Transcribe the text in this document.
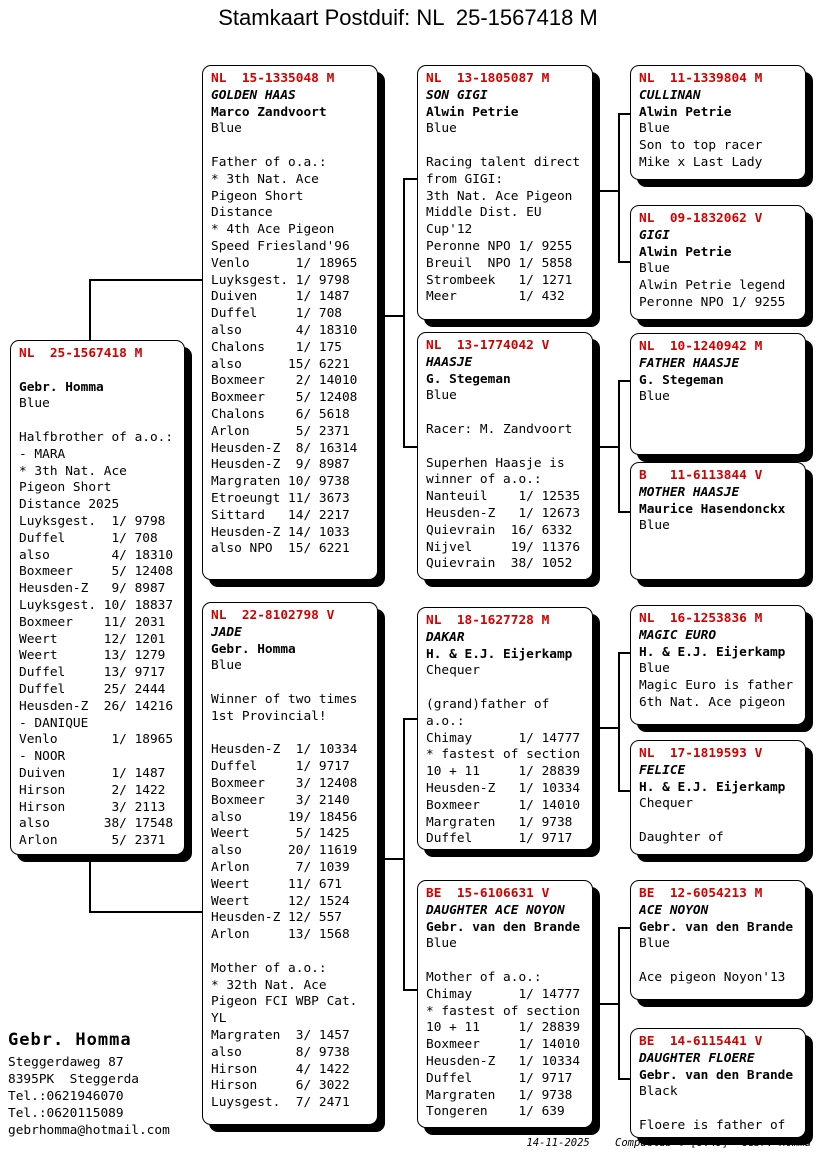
Stamkaart Postduif: NL  25-1567418 M
NL  25-1567418 M
Gebr. Homma
Blue
Halfbrother of a.o.:
- MARA
* 3th Nat. Ace
Pigeon Short
Distance 2025
Luyksgest.  1/ 9798
Duffel      1/ 708
also        4/ 18310
Boxmeer     5/ 12408
Heusden-Z   9/ 8987
Luyksgest. 10/ 18837
Boxmeer    11/ 2031
Weert      12/ 1201
Weert      13/ 1279
Duffel     13/ 9717
Duffel     25/ 2444
Heusden-Z  26/ 14216
- DANIQUE
Venlo       1/ 18965
- NOOR
Duiven      1/ 1487
Hirson      2/ 1422
Hirson      3/ 2113
also       38/ 17548
Arlon       5/ 2371
NL  15-1335048 M
GOLDEN HAAS
Marco Zandvoort
Blue
Father of o.a.:
* 3th Nat. Ace
Pigeon Short
Distance
* 4th Ace Pigeon
Speed Friesland'96
Venlo      1/ 18965
Luyksgest. 1/ 9798
Duiven     1/ 1487
Duffel     1/ 708
also       4/ 18310
Chalons    1/ 175
also      15/ 6221
Boxmeer    2/ 14010
Boxmeer    5/ 12408
Chalons    6/ 5618
Arlon      5/ 2371
Heusden-Z  8/ 16314
Heusden-Z  9/ 8987
Margraten 10/ 9738
Etroeungt 11/ 3673
Sittard   14/ 2217
Heusden-Z 14/ 1033
also NPO  15/ 6221
NL  22-8102798 V
JADE
Gebr. Homma
Blue
Winner of two times
1st Provincial!
Heusden-Z  1/ 10334
Duffel     1/ 9717
Boxmeer    3/ 12408
Boxmeer    3/ 2140
also      19/ 18456
Weert      5/ 1425
also      20/ 11619
Arlon      7/ 1039
Weert     11/ 671
Weert     12/ 1524
Heusden-Z 12/ 557
Arlon     13/ 1568
Mother of a.o.:
* 32th Nat. Ace
Pigeon FCI WBP Cat.
YL
Margraten  3/ 1457
also       8/ 9738
Hirson     4/ 1422
Hirson     6/ 3022
Luysgest.  7/ 2471
NL  13-1805087 M
SON GIGI
Alwin Petrie
Blue
Racing talent direct
from GIGI:
3th Nat. Ace Pigeon
Middle Dist. EU
Cup'12
Peronne NPO 1/ 9255
Breuil  NPO 1/ 5858
Strombeek   1/ 1271
Meer        1/ 432
NL  13-1774042 V
HAASJE
G. Stegeman
Blue
Racer: M. Zandvoort
Superhen Haasje is
winner of a.o.:
Nanteuil    1/ 12535
Heusden-Z   1/ 12673
Quievrain  16/ 6332
Nijvel     19/ 11376
Quievrain  38/ 1052
NL  18-1627728 M
DAKAR
H. & E.J. Eijerkamp
Chequer
(grand)father of
a.o.:
Chimay      1/ 14777
* fastest of section
10 + 11     1/ 28839
Heusden-Z   1/ 10334
Boxmeer     1/ 14010
Margraten   1/ 9738
Duffel      1/ 9717
BE  15-6106631 V
DAUGHTER ACE NOYON
Gebr. van den Brande
Blue
Mother of a.o.:
Chimay      1/ 14777
* fastest of section
10 + 11     1/ 28839
Boxmeer     1/ 14010
Heusden-Z   1/ 10334
Duffel      1/ 9717
Margraten   1/ 9738
Tongeren    1/ 639
NL  11-1339804 M
CULLINAN
Alwin Petrie
Blue
Son to top racer
Mike x Last Lady
NL  09-1832062 V
GIGI
Alwin Petrie
Blue
Alwin Petrie legend
Peronne NPO 1/ 9255
NL  10-1240942 M
FATHER HAASJE
G. Stegeman
Blue
B   11-6113844 V
MOTHER HAASJE
Maurice Hasendonckx
Blue
NL  16-1253836 M
MAGIC EURO
H. & E.J. Eijerkamp
Blue
Magic Euro is father
6th Nat. Ace pigeon
NL  17-1819593 V
FELICE
H. & E.J. Eijerkamp
Chequer
Daughter of
BE  12-6054213 M
ACE NOYON
Gebr. van den Brande
Blue
Ace pigeon Noyon'13
BE  14-6115441 V
DAUGHTER FLOERE
Gebr. van den Brande
Black
Floere is father of
Gebr. Homma
Steggerdaweg 87
8395PK  Steggerda
Tel.:0621946070
Tel.:0620115089
gebrhomma@hotmail.com
14-11-2025    Compuclub © [9.49]  Gebr. Homma
